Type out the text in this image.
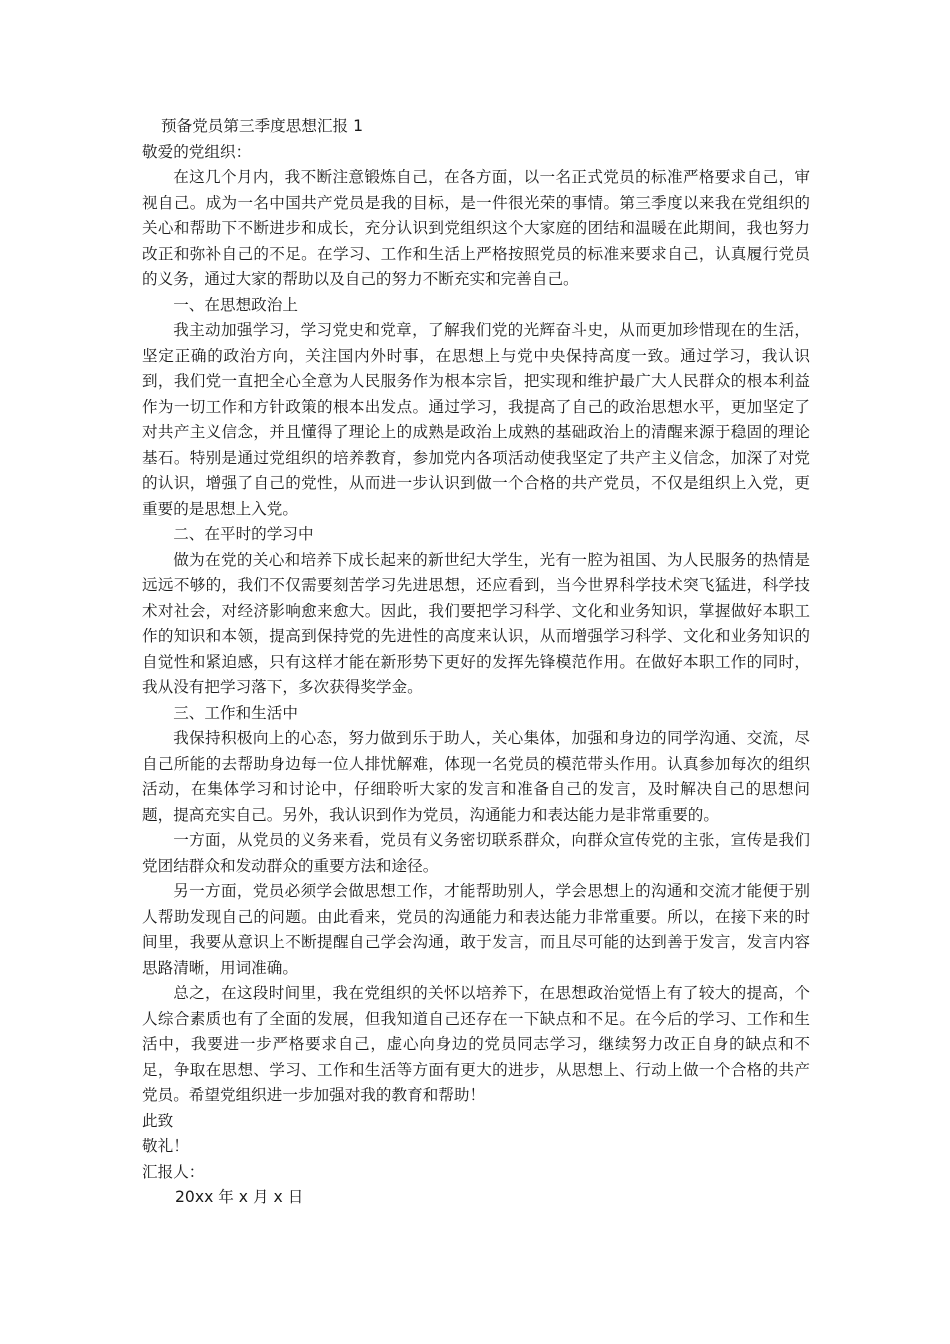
预备党员第三季度思想汇报 1

敬爱的党组织：

在这几个月内，我不断注意锻炼自己，在各方面，以一名正式党员的标准严格要求自己，审视自己。成为一名中国共产党员是我的目标，是一件很光荣的事情。第三季度以来我在党组织的关心和帮助下不断进步和成长，充分认识到党组织这个大家庭的团结和温暖在此期间，我也努力改正和弥补自己的不足。在学习、工作和生活上严格按照党员的标准来要求自己，认真履行党员的义务，通过大家的帮助以及自己的努力不断充实和完善自己。

一、在思想政治上

我主动加强学习，学习党史和党章，了解我们党的光辉奋斗史，从而更加珍惜现在的生活，坚定正确的政治方向，关注国内外时事，在思想上与党中央保持高度一致。通过学习，我认识到，我们党一直把全心全意为人民服务作为根本宗旨，把实现和维护最广大人民群众的根本利益作为一切工作和方针政策的根本出发点。通过学习，我提高了自己的政治思想水平，更加坚定了对共产主义信念，并且懂得了理论上的成熟是政治上成熟的基础政治上的清醒来源于稳固的理论基石。特别是通过党组织的培养教育，参加党内各项活动使我坚定了共产主义信念，加深了对党的认识，增强了自己的党性，从而进一步认识到做一个合格的共产党员，不仅是组织上入党，更重要的是思想上入党。

二、在平时的学习中

做为在党的关心和培养下成长起来的新世纪大学生，光有一腔为祖国、为人民服务的热情是远远不够的，我们不仅需要刻苦学习先进思想，还应看到，当今世界科学技术突飞猛进，科学技术对社会，对经济影响愈来愈大。因此，我们要把学习科学、文化和业务知识，掌握做好本职工作的知识和本领，提高到保持党的先进性的高度来认识，从而增强学习科学、文化和业务知识的自觉性和紧迫感，只有这样才能在新形势下更好的发挥先锋模范作用。在做好本职工作的同时，我从没有把学习落下，多次获得奖学金。

三、工作和生活中

我保持积极向上的心态，努力做到乐于助人，关心集体，加强和身边的同学沟通、交流，尽自己所能的去帮助身边每一位人排忧解难，体现一名党员的模范带头作用。认真参加每次的组织活动，在集体学习和讨论中，仔细聆听大家的发言和准备自己的发言，及时解决自己的思想问题，提高充实自己。另外，我认识到作为党员，沟通能力和表达能力是非常重要的。

一方面，从党员的义务来看，党员有义务密切联系群众，向群众宣传党的主张，宣传是我们党团结群众和发动群众的重要方法和途径。

另一方面，党员必须学会做思想工作，才能帮助别人，学会思想上的沟通和交流才能便于别人帮助发现自己的问题。由此看来，党员的沟通能力和表达能力非常重要。所以，在接下来的时间里，我要从意识上不断提醒自己学会沟通，敢于发言，而且尽可能的达到善于发言，发言内容思路清晰，用词准确。

总之，在这段时间里，我在党组织的关怀以培养下，在思想政治觉悟上有了较大的提高，个人综合素质也有了全面的发展，但我知道自己还存在一下缺点和不足。在今后的学习、工作和生活中，我要进一步严格要求自己，虚心向身边的党员同志学习，继续努力改正自身的缺点和不足，争取在思想、学习、工作和生活等方面有更大的进步，从思想上、行动上做一个合格的共产党员。希望党组织进一步加强对我的教育和帮助！

此致

敬礼！

汇报人：

20xx 年 x 月 x 日
